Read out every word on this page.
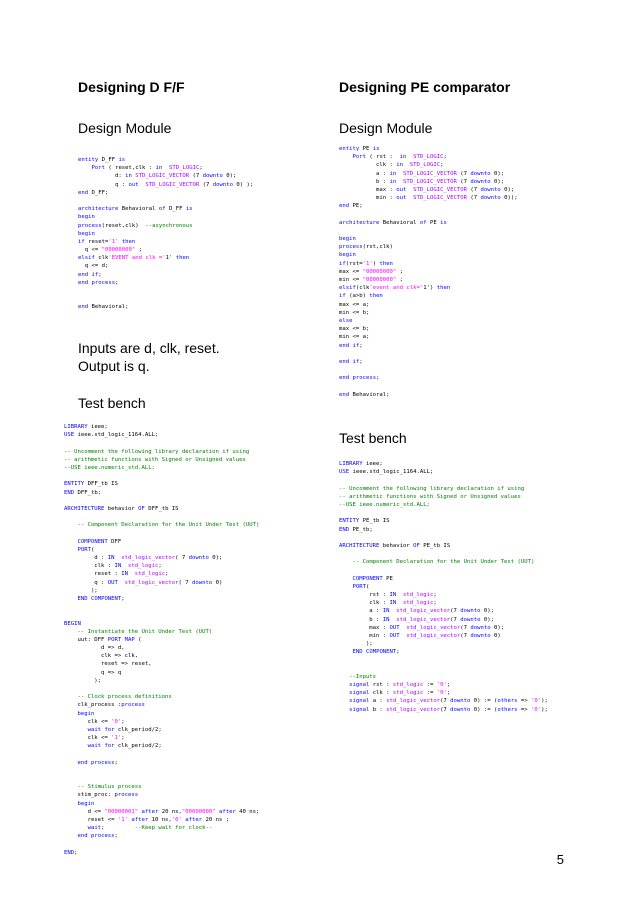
Designing D F/F

Design Module

entity D_FF is
Port ( reset,clk : in STD_LOGIC;
d: in STD_LOGIC_VECTOR (7 downto 0);
q : out STD_LOGIC_VECTOR (7 downto 0) );
end D_FF;
architecture Behavioral of D_FF is
begin
process(reset,clk)  --asynchronous
begin
if reset='1' then
q <= "00000000" ;
elsif clk'EVENT and clk ='1' then
q <= d;
end if;
end process;
end Behavioral;

Inputs are d, clk, reset.

Output is q.

Test bench

LIBRARY ieee;
USE ieee.std_logic_1164.ALL;
-- Uncomment the following library declaration if using
-- arithmetic functions with Signed or Unsigned values
--USE ieee.numeric_std.ALL;
ENTITY DFF_tb IS
END DFF_tb;
ARCHITECTURE behavior OF DFF_tb IS
-- Component Declaration for the Unit Under Test (UUT)
COMPONENT DFF
PORT(
d : IN std_logic_vector( 7 downto 0);
clk : IN std_logic;
reset : IN std_logic;
q : OUT std_logic_vector( 7 downto 0)
);
END COMPONENT;
BEGIN
-- Instantiate the Unit Under Test (UUT)
uut: DFF PORT MAP (
d => d,
clk => clk,
reset => reset,
q => q
);
-- Clock process definitions
clk_process :process
begin
clk <= '0';
wait for clk_period/2;
clk <= '1';
wait for clk_period/2;
end process;
-- Stimulus process
stim_proc: process
begin
d <= "00000001" after 20 ns,"00000000" after 40 ns;
reset <= '1' after 10 ns,'0' after 20 ns ;
wait;         --Keep wait for clock--
end process;
END;

Designing PE comparator

Design Module

entity PE is
Port ( rst :  in STD_LOGIC;
clk : in STD_LOGIC;
a : in STD_LOGIC_VECTOR (7 downto 0);
b : in STD_LOGIC_VECTOR (7 downto 0);
max : out STD_LOGIC_VECTOR (7 downto 0);
min : out STD_LOGIC_VECTOR (7 downto 0));
end PE;
architecture Behavioral of PE is
begin
process(rst,clk)
begin
if(rst='1') then
max <= "00000000" ;
min <= "00000000" ;
elsif(clk'event and clk='1') then
if (a>b) then
max <= a;
min <= b;
else
max <= b;
min <= a;
end if;
end if;
end process;
end Behavioral;

Test bench

LIBRARY ieee;
USE ieee.std_logic_1164.ALL;
-- Uncomment the following library declaration if using
-- arithmetic functions with Signed or Unsigned values
--USE ieee.numeric_std.ALL;
ENTITY PE_tb IS
END PE_tb;
ARCHITECTURE behavior OF PE_tb IS
-- Component Declaration for the Unit Under Test (UUT)
COMPONENT PE
PORT(
rst : IN std_logic;
clk : IN std_logic;
a : IN std_logic_vector(7 downto 0);
b : IN std_logic_vector(7 downto 0);
max : OUT std_logic_vector(7 downto 0);
min : OUT std_logic_vector(7 downto 0)
);
END COMPONENT;
--Inputs
signal rst : std_logic := '0';
signal clk : std_logic := '0';
signal a : std_logic_vector(7 downto 0) := (others => '0');
signal b : std_logic_vector(7 downto 0) := (others => '0');
5
